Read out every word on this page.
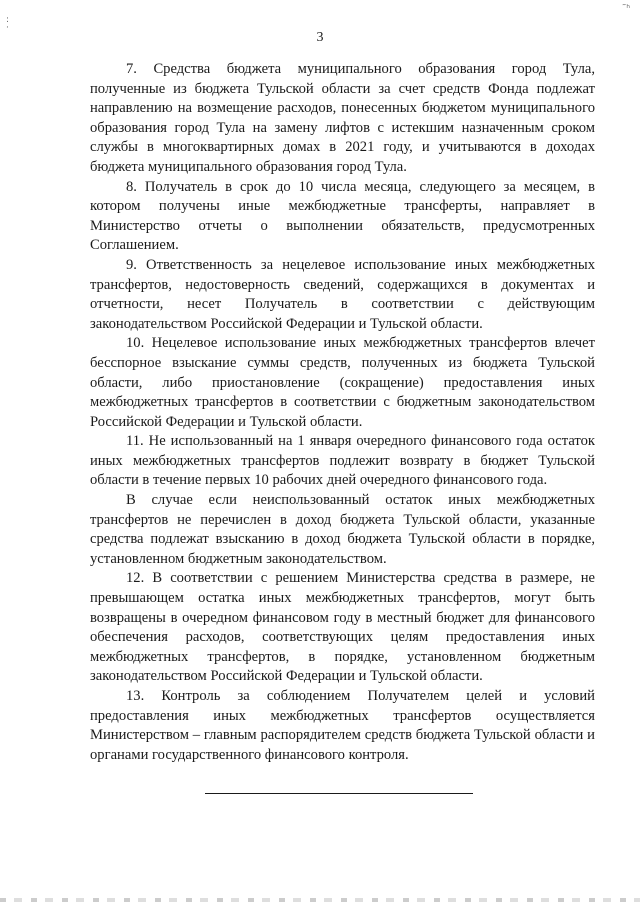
:
·
˜ʰ
3

7. Средства бюджета муниципального образования город Тула, полученные из бюджета Тульской области за счет средств Фонда подлежат направлению на возмещение расходов, понесенных бюджетом муниципального образования город Тула на замену лифтов с истекшим назначенным сроком службы в многоквартирных домах в 2021 году, и учитываются в доходах бюджета муниципального образования город Тула.

8. Получатель в срок до 10 числа месяца, следующего за месяцем, в котором получены иные межбюджетные трансферты, направляет в Министерство отчеты о выполнении обязательств, предусмотренных Соглашением.

9. Ответственность за нецелевое использование иных межбюджетных трансфертов, недостоверность сведений, содержащихся в документах и отчетности, несет Получатель в соответствии с действующим законодательством Российской Федерации и Тульской области.

10. Нецелевое использование иных межбюджетных трансфертов влечет бесспорное взыскание суммы средств, полученных из бюджета Тульской области, либо приостановление (сокращение) предоставления иных межбюджетных трансфертов в соответствии с бюджетным законодательством Российской Федерации и Тульской области.

11. Не использованный на 1 января очередного финансового года остаток иных межбюджетных трансфертов подлежит возврату в бюджет Тульской области в течение первых 10 рабочих дней очередного финансового года.

В случае если неиспользованный остаток иных межбюджетных трансфертов не перечислен в доход бюджета Тульской области, указанные средства подлежат взысканию в доход бюджета Тульской области в порядке, установленном бюджетным законодательством.

12. В соответствии с решением Министерства средства в размере, не превышающем остатка иных межбюджетных трансфертов, могут быть возвращены в очередном финансовом году в местный бюджет для финансового обеспечения расходов, соответствующих целям предоставления иных межбюджетных трансфертов, в порядке, установленном бюджетным законодательством Российской Федерации и Тульской области.

13. Контроль за соблюдением Получателем целей и условий предоставления иных межбюджетных трансфертов осуществляется Министерством – главным распорядителем средств бюджета Тульской области и органами государственного финансового контроля.
